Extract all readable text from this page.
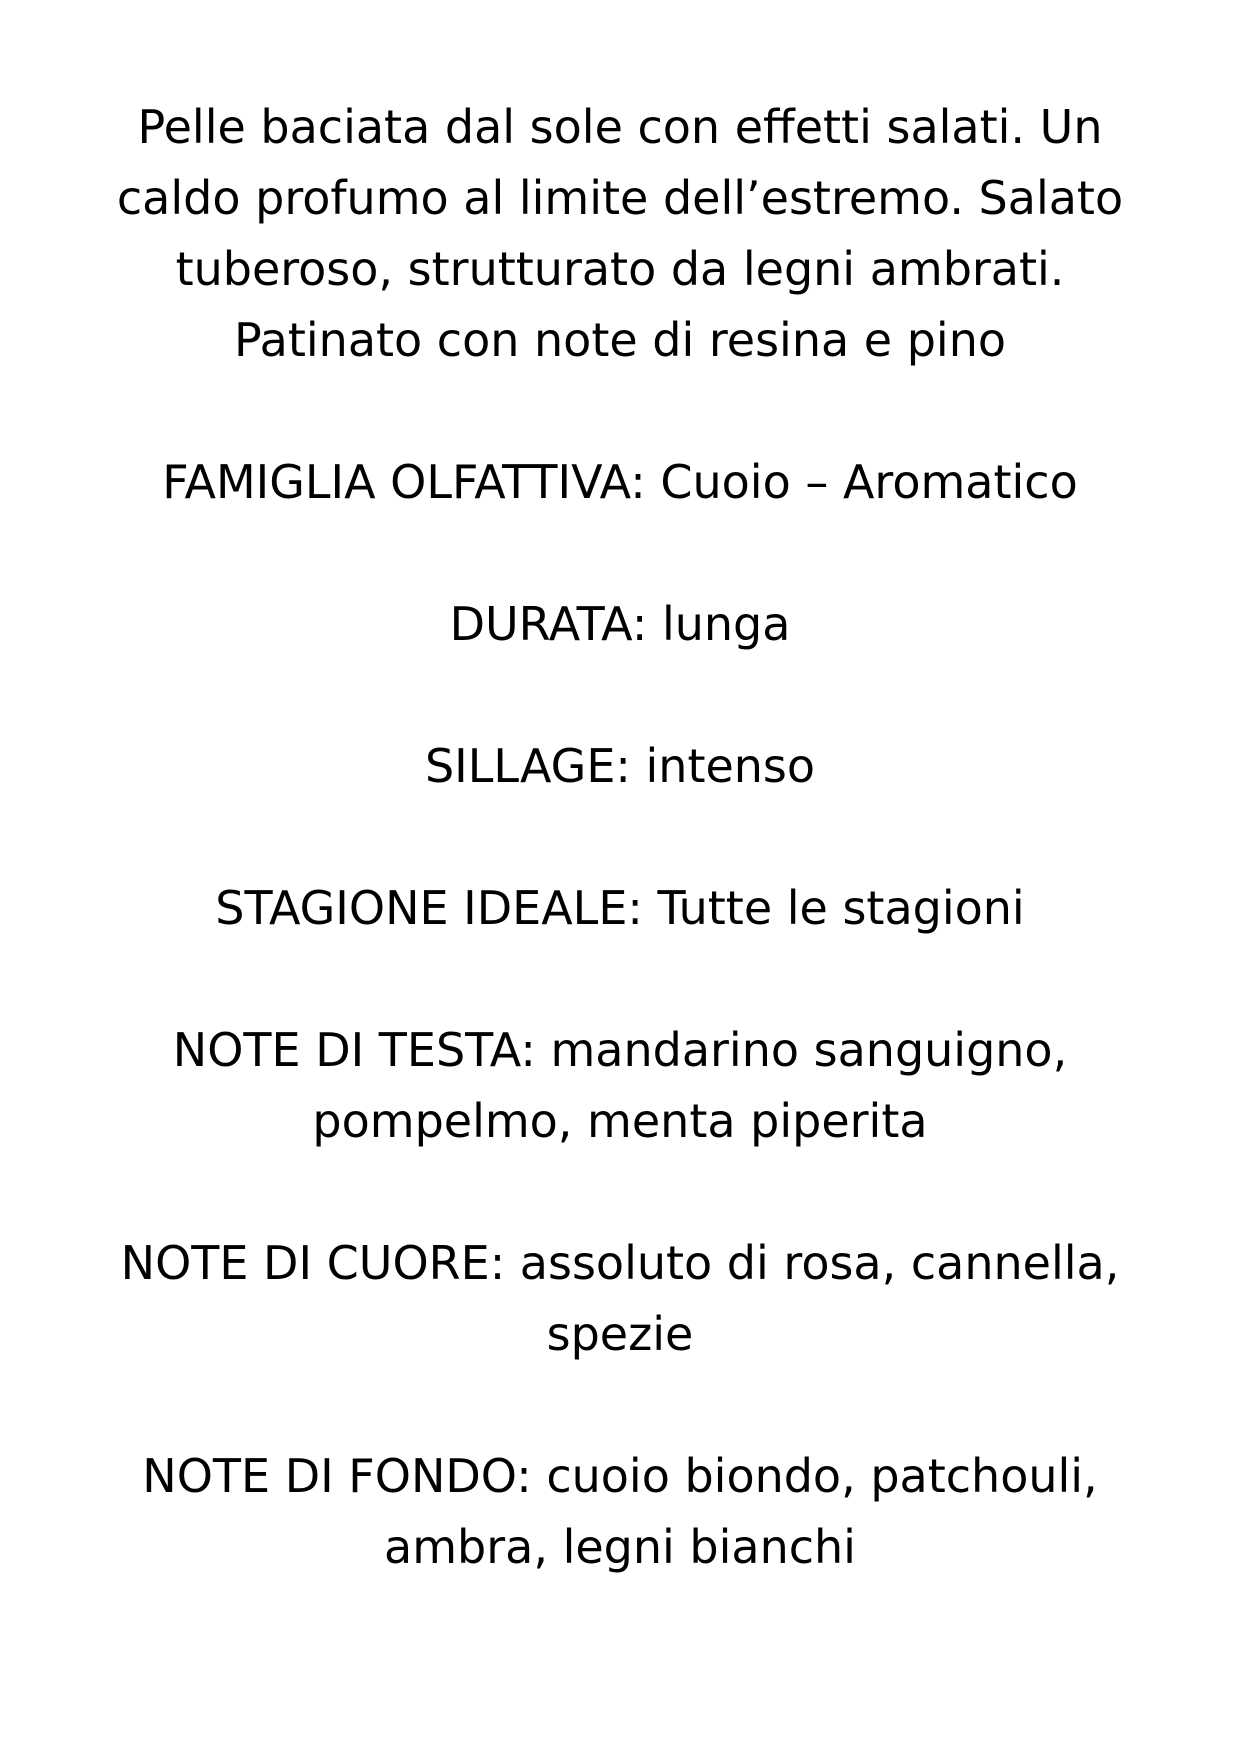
Pelle baciata dal sole con effetti salati. Un
caldo profumo al limite dell’estremo. Salato
tuberoso, strutturato da legni ambrati.
Patinato con note di resina e pino

FAMIGLIA OLFATTIVA: Cuoio – Aromatico

DURATA: lunga

SILLAGE: intenso

STAGIONE IDEALE: Tutte le stagioni

NOTE DI TESTA: mandarino sanguigno,
pompelmo, menta piperita

NOTE DI CUORE: assoluto di rosa, cannella,
spezie

NOTE DI FONDO: cuoio biondo, patchouli,
ambra, legni bianchi
